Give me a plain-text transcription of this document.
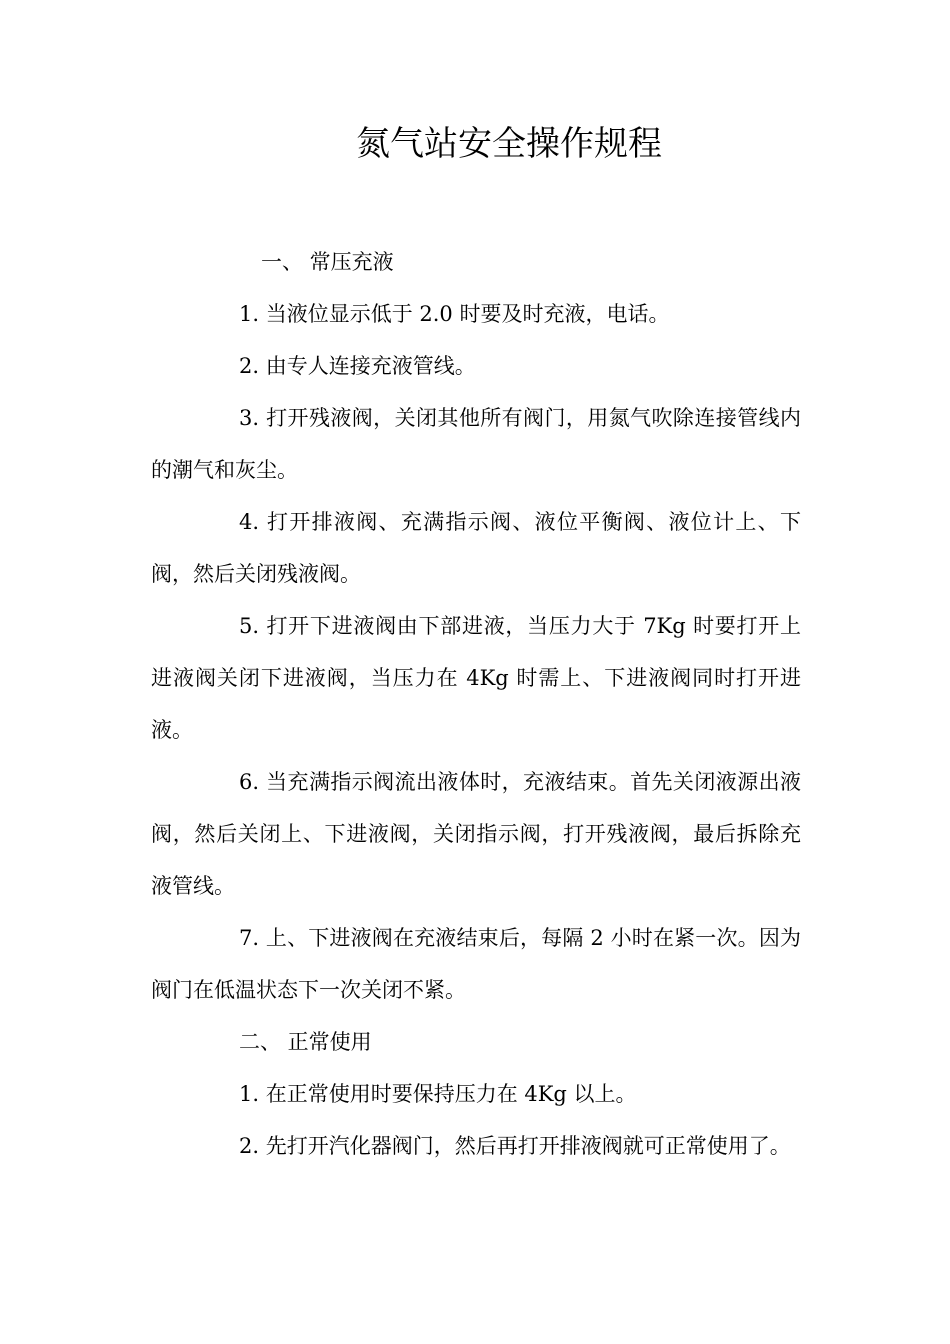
氮气站安全操作规程

一、 常压充液

1. 当液位显示低于 2.0 时要及时充液，电话。

2. 由专人连接充液管线。

3. 打开残液阀，关闭其他所有阀门，用氮气吹除连接管线内的潮气和灰尘。

4. 打开排液阀、充满指示阀、液位平衡阀、液位计上、下阀，然后关闭残液阀。

5. 打开下进液阀由下部进液，当压力大于 7Kg 时要打开上进液阀关闭下进液阀，当压力在 4Kg 时需上、下进液阀同时打开进液。

6. 当充满指示阀流出液体时，充液结束。首先关闭液源出液阀，然后关闭上、下进液阀，关闭指示阀，打开残液阀，最后拆除充液管线。

7. 上、下进液阀在充液结束后，每隔 2 小时在紧一次。因为阀门在低温状态下一次关闭不紧。

二、 正常使用

1. 在正常使用时要保持压力在 4Kg 以上。

2. 先打开汽化器阀门，然后再打开排液阀就可正常使用了。
